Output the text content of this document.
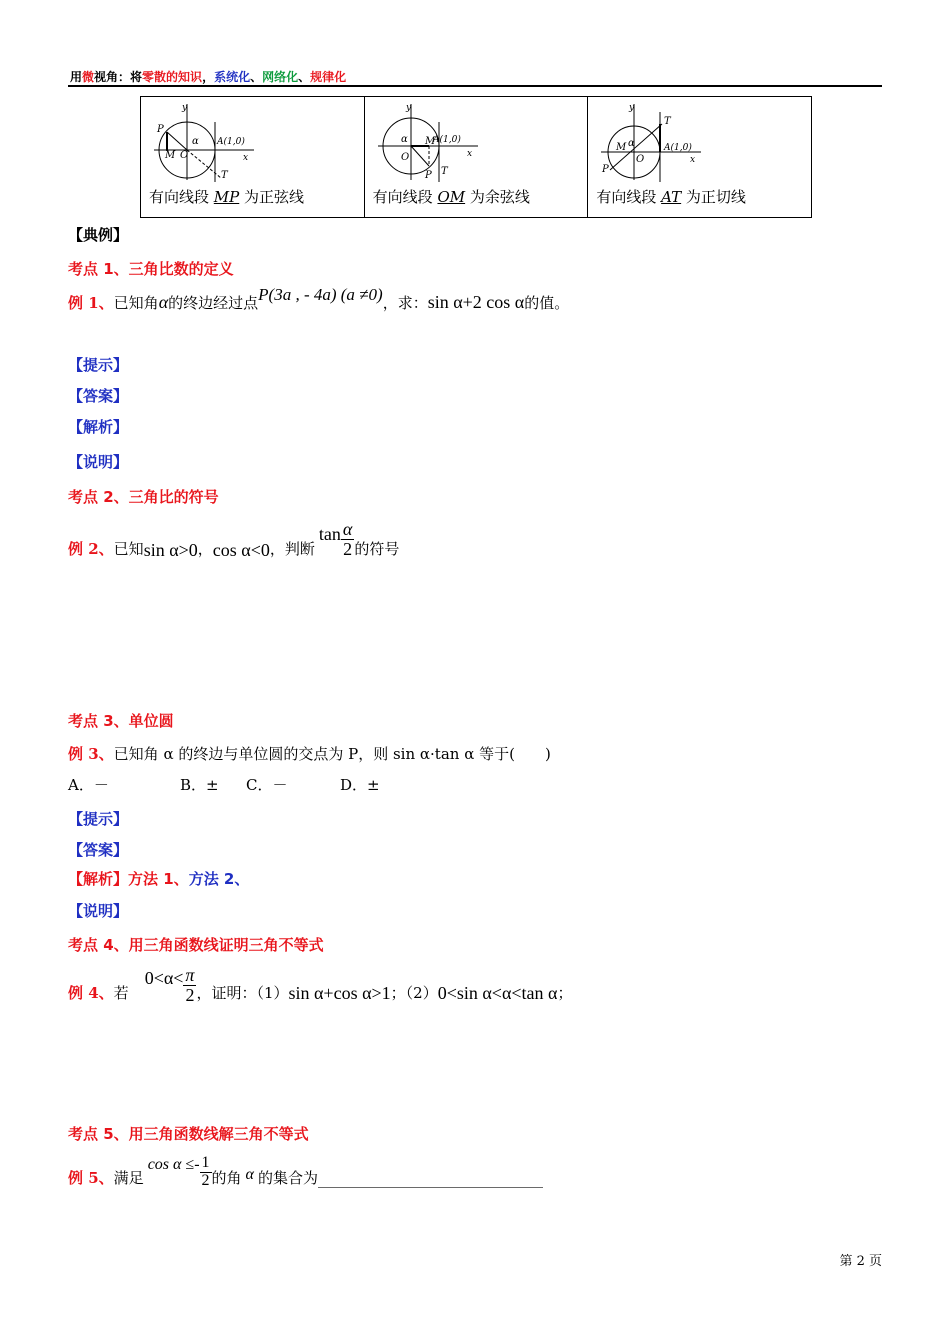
用微视角：将零散的知识，系统化、网络化、规律化
y
x
P
M O
α A(1,0)
T
有向线段 MP 为正弦线	
y
x
O
M
α	A(1,0)
P T
有向线段 OM 为余弦线	
y
x
T
A(1,0)
M α
O
P
有向线段 AT 为正切线
【典例】
考点 1、三角比数的定义
例 1、已知角α的终边经过点P(3a , - 4a) (a ≠0)，求：sin α+2 cos α的值。
【提示】
【答案】
【解析】
【说明】
考点 2、三角比的符号
例 2、 已知 sin α>0 ， cos α<0 ，判断
$\tan \frac{\alpha}{2}$ 的符号
考点 3、单位圆
例 3、已知角 α 的终边与单位圆的交点为 P，则 sin α·tan α 等于(　　)
A．－	B．± C．－	D．±
【提示】
【答案】
【解析】方法 1、方法 2、
【说明】
考点 4、用三角函数线证明三角不等式
例 4、 若
$0<\alpha< \frac{\pi}{2}$ ，证明：（1） sin α+cos α>1 ；（2） 0<sin α<α<tan α ；
考点 5、用三角函数线解三角不等式
例 5、 满足
$\cos \alpha \le- \frac{1}{2}$ 的角 α 的集合为 ______________________________
第 2 页
